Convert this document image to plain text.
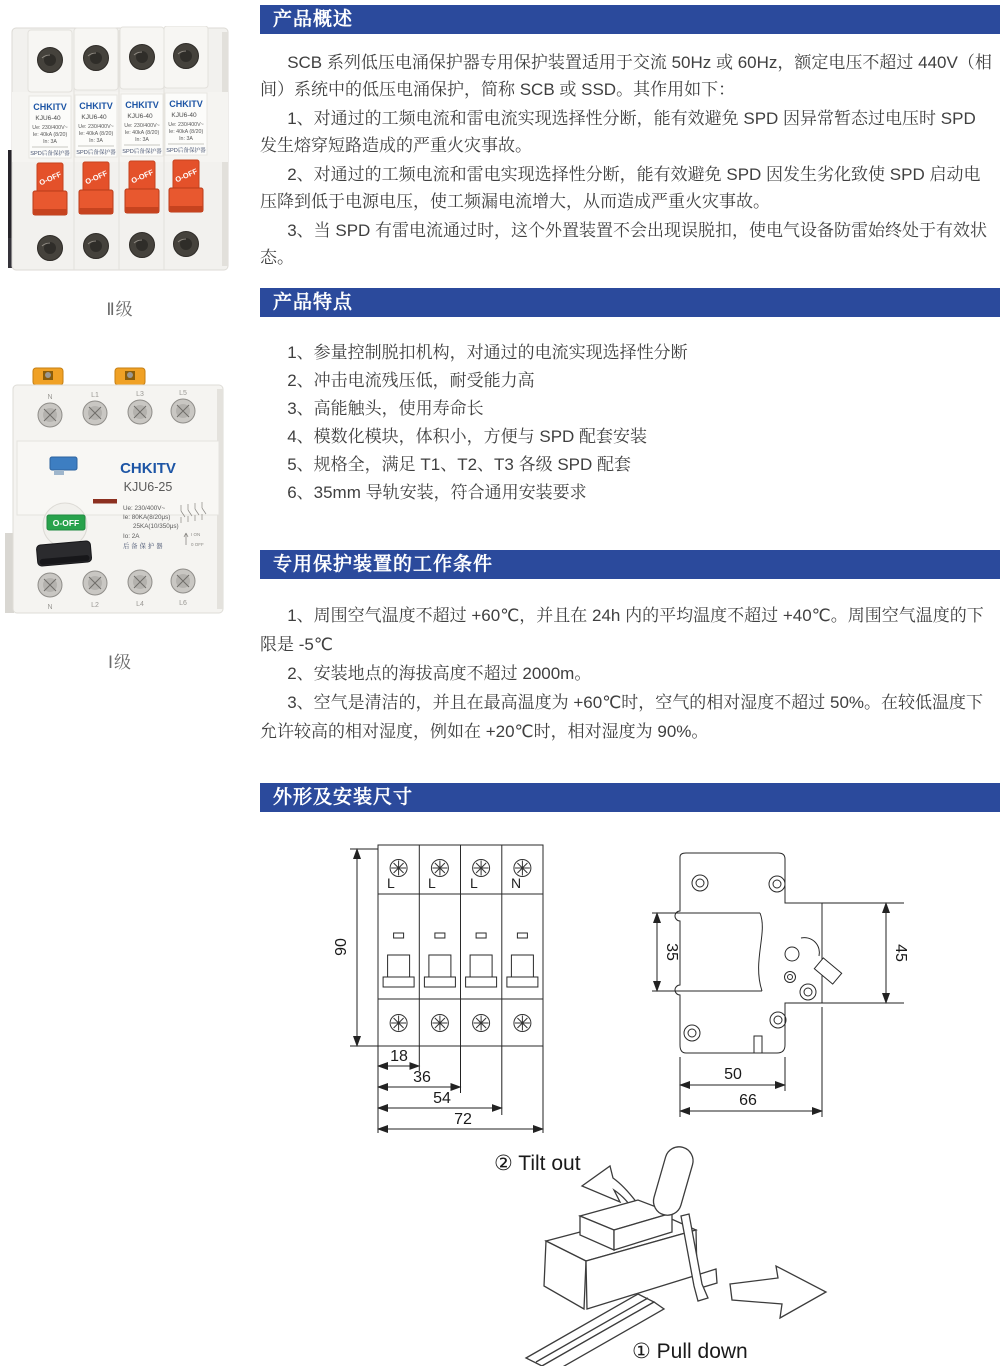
产品概述
产品特点
专用保护装置的工作条件
外形及安装尺寸

SCB 系列低压电涌保护器专用保护装置适用于交流 50Hz 或 60Hz，额定电压不超过 440V（相间）系统中的低压电涌保护，简称 SCB 或 SSD。其作用如下：

1、对通过的工频电流和雷电流实现选择性分断，能有效避免 SPD 因异常暂态过电压时 SPD 发生熔穿短路造成的严重火灾事故。

2、对通过的工频电流和雷电实现选择性分断，能有效避免 SPD 因发生劣化致使 SPD 启动电压降到低于电源电压，使工频漏电流增大，从而造成严重火灾事故。

3、当 SPD 有雷电流通过时，这个外置装置不会出现误脱扣，使电气设备防雷始终处于有效状态。

1、参量控制脱扣机构，对通过的电流实现选择性分断

2、冲击电流残压低，耐受能力高

3、高能触头，使用寿命长

4、模数化模块，体积小，方便与 SPD 配套安装

5、规格全，满足 T1、T2、T3 各级 SPD 配套

6、35mm 导轨安装，符合通用安装要求

1、周围空气温度不超过 +60℃，并且在 24h 内的平均温度不超过 +40℃。周围空气温度的下限是 -5℃

2、安装地点的海拔高度不超过 2000m。

3、空气是清洁的，并且在最高温度为 +60℃时，空气的相对湿度不超过 50%。在较低温度下允许较高的相对湿度，例如在 +20℃时，相对湿度为 90%。

CHKITV
KJU6-40
Ue: 230/400V~
Ie: 40kA (8/20)
In: 3A
SPD后备保护器
CHKITV
KJU6-40
Ue: 230/400V~
Ie: 40kA (8/20)
In: 3A
SPD后备保护器
CHKITV
KJU6-40
Ue: 230/400V~
Ie: 40kA (8/20)
In: 3A
SPD后备保护器
CHKITV
KJU6-40
Ue: 230/400V~
Ie: 40kA (8/20)
In: 3A
SPD后备保护器
O-OFF	O-OFF	O-OFF	O-OFF
Ⅱ级
N	L1	L3	L5
CHKITV
KJU6-25
Ue: 230/400V~
Ie: 80KA(8/20μs)
25KA(10/350μs)
Io: 2A
后备保护器
I ON
0 OFF
O-OFF
N	L2	L4	L6
Ⅰ级
L L L N
90
18
36
54
72
35	45
50
66
② Tilt out
① Pull down
